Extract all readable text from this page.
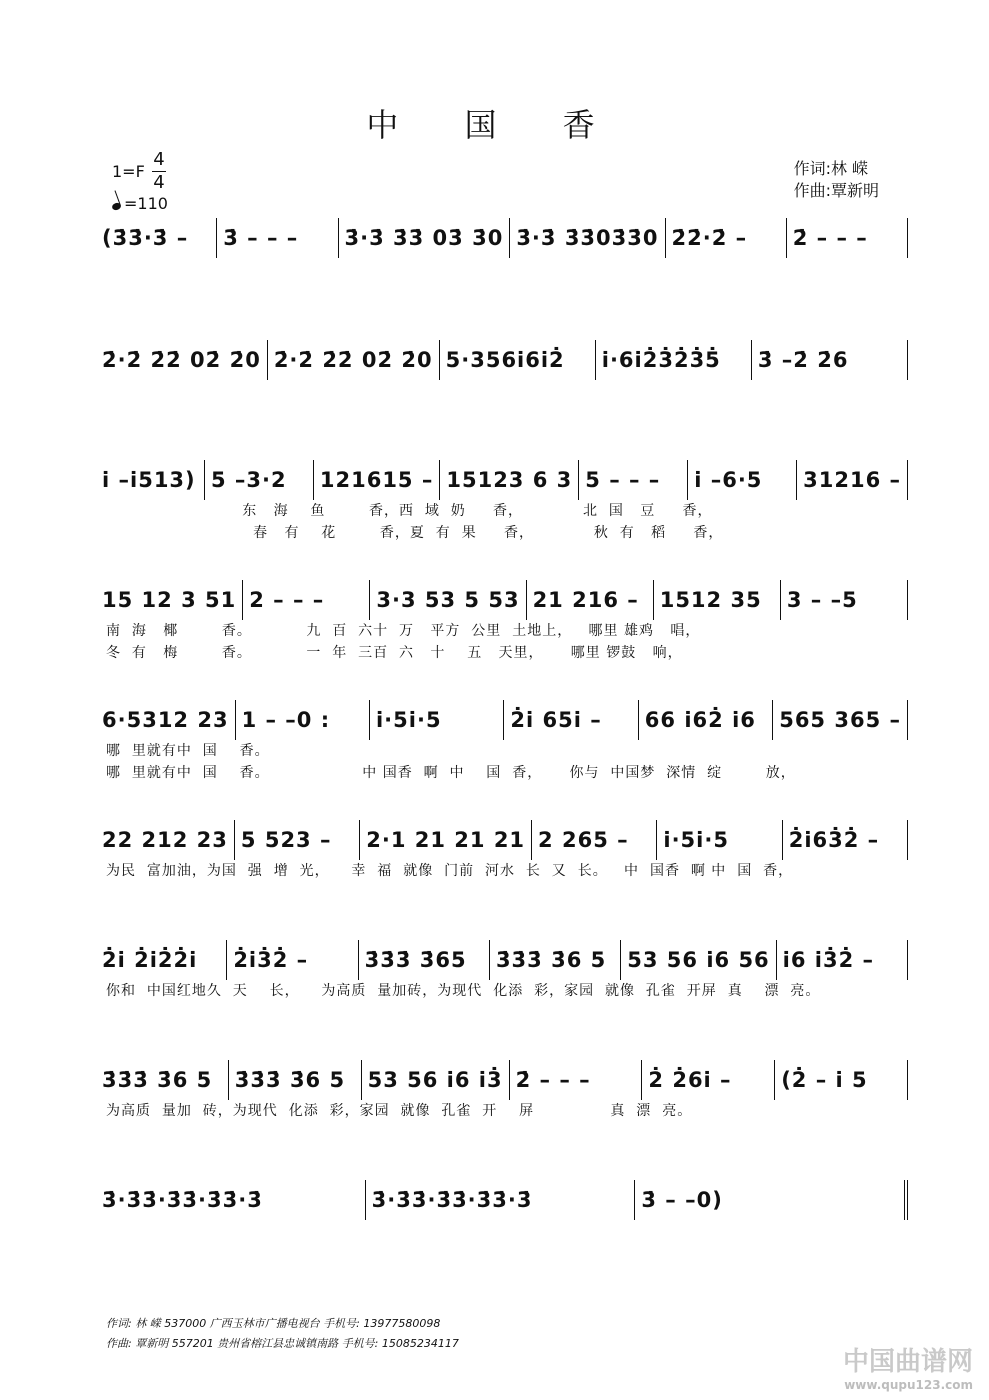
中 国 香
1=F
4
4
=110
作词:林 嵘
作曲:覃新明
(3̇3̇·3̇ –	3̇ – – –	3̇·3̇ 3̇3̇ 03̇ 3̇0 3̇·3̇ 3̇3̇03̇3̇0 2̇2̇·2̇ –	2̇ – – –
2̇·2̇ 2̇2̇ 02̇ 2̇0 2̇·2̇ 2̇2̇ 02̇ 2̇0 5·356i̇6i̇2̇	i̇·6i̇2̇3̇2̇3̇5̇	3̇ –2̇ 2̇6
i̇ –i̇513) 5 –3·2	121615 – 15123 6 3 5 – – –	i̇ –6·5	31216 –
东   海    鱼        香，西  域  奶     香，           北  国   豆     香，
春   有    花        香，夏  有  果     香，           秋  有   稻     香，
15 12 3 51 2 – – –	3·3 53 5 53 21 216 – 1512 35	3 – –5
南  海   椰        香。          九  百  六十  万   平方  公里  土地上，   哪里 雄鸡   唱，
冬  有   梅        香。          一  年  三百  六   十    五   天里，     哪里 锣鼓   响，
6·5312 23 1 – –0 :	i̇·5i̇·5	2̇i̇ 65i̇ –	66 i̇62̇ i̇6	565 365 –
哪  里就有中  国    香。
哪  里就有中  国    香。                 中 国香  啊  中    国  香，     你与  中国梦  深情  绽        放，
22 212 23 5 523 –	2·1 21 21 21 2 265 –	i̇·5i̇·5	2̇i̇63̇2̇ –
为民  富加油，为国  强  增  光，    幸  福  就像  门前  河水  长  又  长。   中  国香  啊 中  国  香，
2̇i̇ 2̇i̇2̇2̇i̇	2̇i̇3̇2̇ –	3̇3̇3̇ 3̇65	3̇3̇3̇ 3̇6 5	53 56 i̇6 56 i̇6 i̇3̇2̇ –
你和  中国红地久  天    长，    为高质  量加砖，为现代  化添  彩，家园  就像  孔雀  开屏  真    漂  亮。
3̇3̇3̇ 3̇6 5	3̇3̇3̇ 3̇6 5	53 56 i̇6 i̇3̇ 2̇ – – –	2̇ 2̇6i̇ –	(2̇ – i̇ 5
为高质  量加  砖，为现代  化添  彩，家园  就像  孔雀  开    屏              真  漂  亮。
3̇·3̇3̇·3̇3̇·3̇3̇·3̇	3̇·3̇3̇·3̇3̇·3̇3̇·3̇	3̇ – –0)
作词: 林 嵘 537000 广西玉林市广播电视台 手机号: 13977580098
作曲: 覃新明 557201 贵州省榕江县忠诚镇南路 手机号: 15085234117
中国曲谱网
www.qupu123.com
